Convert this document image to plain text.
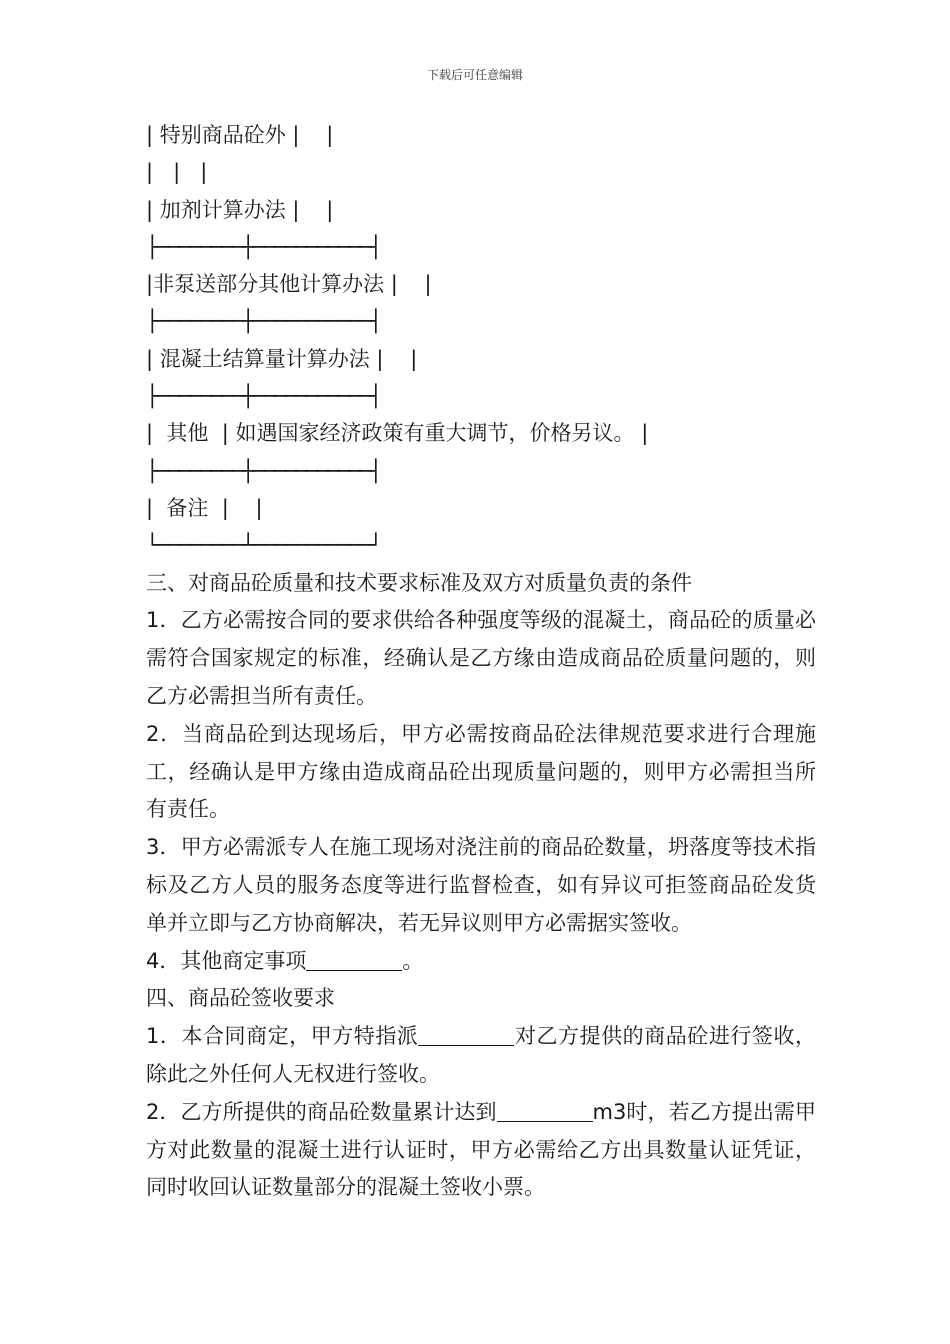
下载后可任意编辑
| 特别商品砼外 |    |
|   |   |
| 加剂计算办法 |    |
├────────┼───────────┤
|非泵送部分其他计算办法 |    |
├────────┼───────────┤
| 混凝土结算量计算办法 |    |
├────────┼───────────┤
|  其他  | 如遇国家经济政策有重大调节，价格另议。 |
├────────┼───────────┤
|  备注  |    |
└────────┴───────────┘

三、对商品砼质量和技术要求标准及双方对质量负责的条件

1．乙方必需按合同的要求供给各种强度等级的混凝土，商品砼的质量必需符合国家规定的标准，经确认是乙方缘由造成商品砼质量问题的，则乙方必需担当所有责任。

2．当商品砼到达现场后，甲方必需按商品砼法律规范要求进行合理施工，经确认是甲方缘由造成商品砼出现质量问题的，则甲方必需担当所有责任。

3．甲方必需派专人在施工现场对浇注前的商品砼数量，坍落度等技术指标及乙方人员的服务态度等进行监督检查，如有异议可拒签商品砼发货单并立即与乙方协商解决，若无异议则甲方必需据实签收。

4．其他商定事项	。

四、商品砼签收要求

1．本合同商定，甲方特指派	对乙方提供的商品砼进行签收，除此之外任何人无权进行签收。

2．乙方所提供的商品砼数量累计达到	m3时，若乙方提出需甲方对此数量的混凝土进行认证时，甲方必需给乙方出具数量认证凭证，同时收回认证数量部分的混凝土签收小票。
